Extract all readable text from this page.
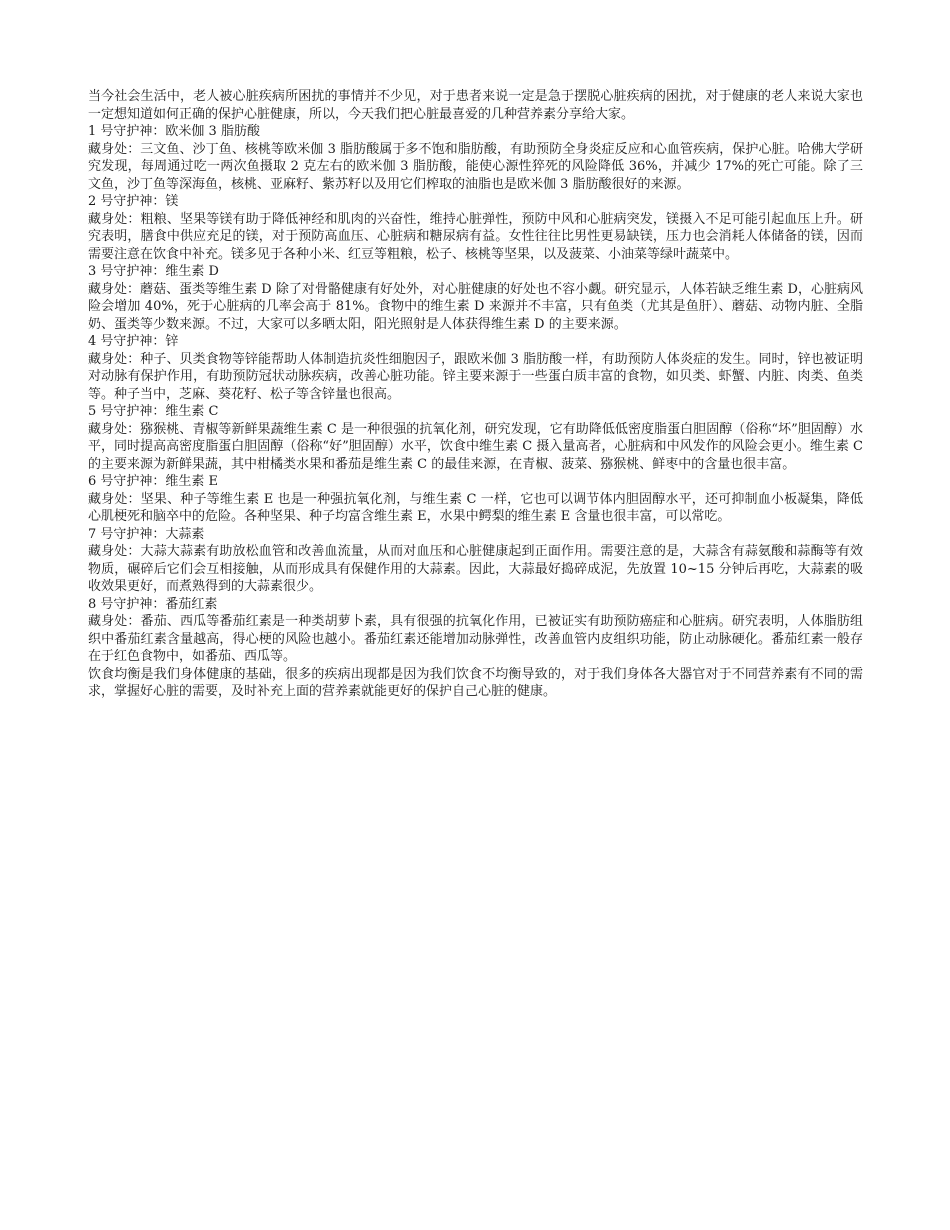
当今社会生活中，老人被心脏疾病所困扰的事情并不少见，对于患者来说一定是急于摆脱心脏疾病的困扰，对于健康的老人来说大家也一定想知道如何正确的保护心脏健康，所以，今天我们把心脏最喜爱的几种营养素分享给大家。

1 号守护神：欧米伽 3 脂肪酸

藏身处：三文鱼、沙丁鱼、核桃等欧米伽 3 脂肪酸属于多不饱和脂肪酸，有助预防全身炎症反应和心血管疾病，保护心脏。哈佛大学研究发现，每周通过吃一两次鱼摄取 2 克左右的欧米伽 3 脂肪酸，能使心源性猝死的风险降低 36%，并减少 17%的死亡可能。除了三文鱼，沙丁鱼等深海鱼，核桃、亚麻籽、紫苏籽以及用它们榨取的油脂也是欧米伽 3 脂肪酸很好的来源。

2 号守护神：镁

藏身处：粗粮、坚果等镁有助于降低神经和肌肉的兴奋性，维持心脏弹性，预防中风和心脏病突发，镁摄入不足可能引起血压上升。研究表明，膳食中供应充足的镁，对于预防高血压、心脏病和糖尿病有益。女性往往比男性更易缺镁，压力也会消耗人体储备的镁，因而需要注意在饮食中补充。镁多见于各种小米、红豆等粗粮，松子、核桃等坚果，以及菠菜、小油菜等绿叶蔬菜中。

3 号守护神：维生素 D

藏身处：蘑菇、蛋类等维生素 D 除了对骨骼健康有好处外，对心脏健康的好处也不容小觑。研究显示，人体若缺乏维生素 D，心脏病风险会增加 40%，死于心脏病的几率会高于 81%。食物中的维生素 D 来源并不丰富，只有鱼类（尤其是鱼肝）、蘑菇、动物内脏、全脂奶、蛋类等少数来源。不过，大家可以多晒太阳，阳光照射是人体获得维生素 D 的主要来源。

4 号守护神：锌

藏身处：种子、贝类食物等锌能帮助人体制造抗炎性细胞因子，跟欧米伽 3 脂肪酸一样，有助预防人体炎症的发生。同时，锌也被证明对动脉有保护作用，有助预防冠状动脉疾病，改善心脏功能。锌主要来源于一些蛋白质丰富的食物，如贝类、虾蟹、内脏、肉类、鱼类等。种子当中，芝麻、葵花籽、松子等含锌量也很高。

5 号守护神：维生素 C

藏身处：猕猴桃、青椒等新鲜果蔬维生素 C 是一种很强的抗氧化剂，研究发现，它有助降低低密度脂蛋白胆固醇（俗称“坏”胆固醇）水平，同时提高高密度脂蛋白胆固醇（俗称“好”胆固醇）水平，饮食中维生素 C 摄入量高者，心脏病和中风发作的风险会更小。维生素 C 的主要来源为新鲜果蔬，其中柑橘类水果和番茄是维生素 C 的最佳来源，在青椒、菠菜、猕猴桃、鲜枣中的含量也很丰富。

6 号守护神：维生素 E

藏身处：坚果、种子等维生素 E 也是一种强抗氧化剂，与维生素 C 一样，它也可以调节体内胆固醇水平，还可抑制血小板凝集，降低心肌梗死和脑卒中的危险。各种坚果、种子均富含维生素 E，水果中鳄梨的维生素 E 含量也很丰富，可以常吃。

7 号守护神：大蒜素

藏身处：大蒜大蒜素有助放松血管和改善血流量，从而对血压和心脏健康起到正面作用。需要注意的是，大蒜含有蒜氨酸和蒜酶等有效物质，碾碎后它们会互相接触，从而形成具有保健作用的大蒜素。因此，大蒜最好捣碎成泥，先放置 10~15 分钟后再吃，大蒜素的吸收效果更好，而煮熟得到的大蒜素很少。

8 号守护神：番茄红素

藏身处：番茄、西瓜等番茄红素是一种类胡萝卜素，具有很强的抗氧化作用，已被证实有助预防癌症和心脏病。研究表明，人体脂肪组织中番茄红素含量越高，得心梗的风险也越小。番茄红素还能增加动脉弹性，改善血管内皮组织功能，防止动脉硬化。番茄红素一般存在于红色食物中，如番茄、西瓜等。

饮食均衡是我们身体健康的基础，很多的疾病出现都是因为我们饮食不均衡导致的，对于我们身体各大器官对于不同营养素有不同的需求，掌握好心脏的需要，及时补充上面的营养素就能更好的保护自己心脏的健康。
